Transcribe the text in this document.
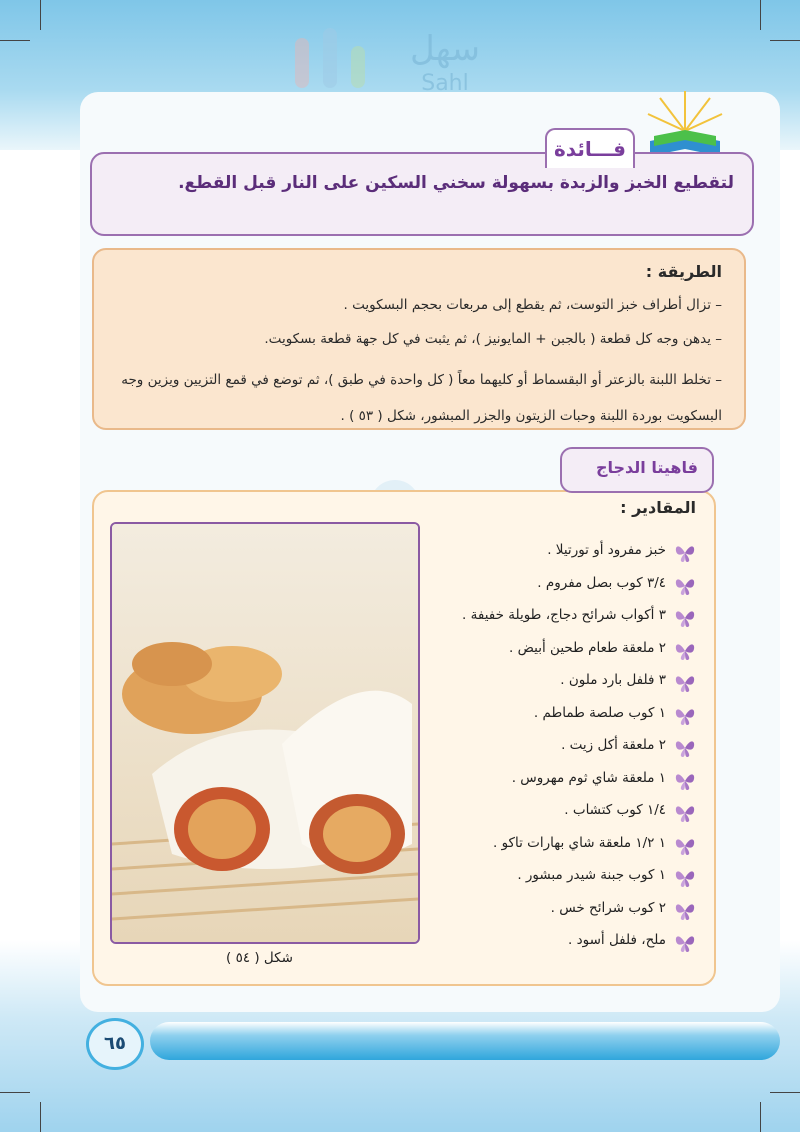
سهل
Sahl
لتقطيع الخبز والزبدة بسهولة سخني السكين على النار قبل القطع.
فـــائدة
الطريقة :
– تزال أطراف خبز التوست، ثم يقطع إلى مربعات بحجم البسكويت .
– يدهن وجه كل قطعة ( بالجبن + المايونيز )، ثم يثبت في كل جهة قطعة بسكويت.
– تخلط اللبنة بالزعتر أو البقسماط أو كليهما معاً ( كل واحدة في طبق )، ثم توضع في قمع التزيين ويزين وجه البسكويت بوردة اللبنة وحبات الزيتون والجزر المبشور، شكل ( ٥٣ ) .
فاهيتا الدجاج
المقادير :
خبز مفرود أو تورتيلا .
٣/٤ كوب بصل مفروم .
٣ أكواب شرائح دجاج، طويلة خفيفة .
٢ ملعقة طعام طحين أبيض .
٣ فلفل بارد ملون .
١ كوب صلصة طماطم .
٢ ملعقة أكل زيت .
١ ملعقة شاي ثوم مهروس .
١/٤ كوب كتشاب .
١ ١/٢ ملعقة شاي بهارات تاكو .
١ كوب جبنة شيدر مبشور .
٢ كوب شرائح خس .
ملح، فلفل أسود .
شكل ( ٥٤ )
٦٥
